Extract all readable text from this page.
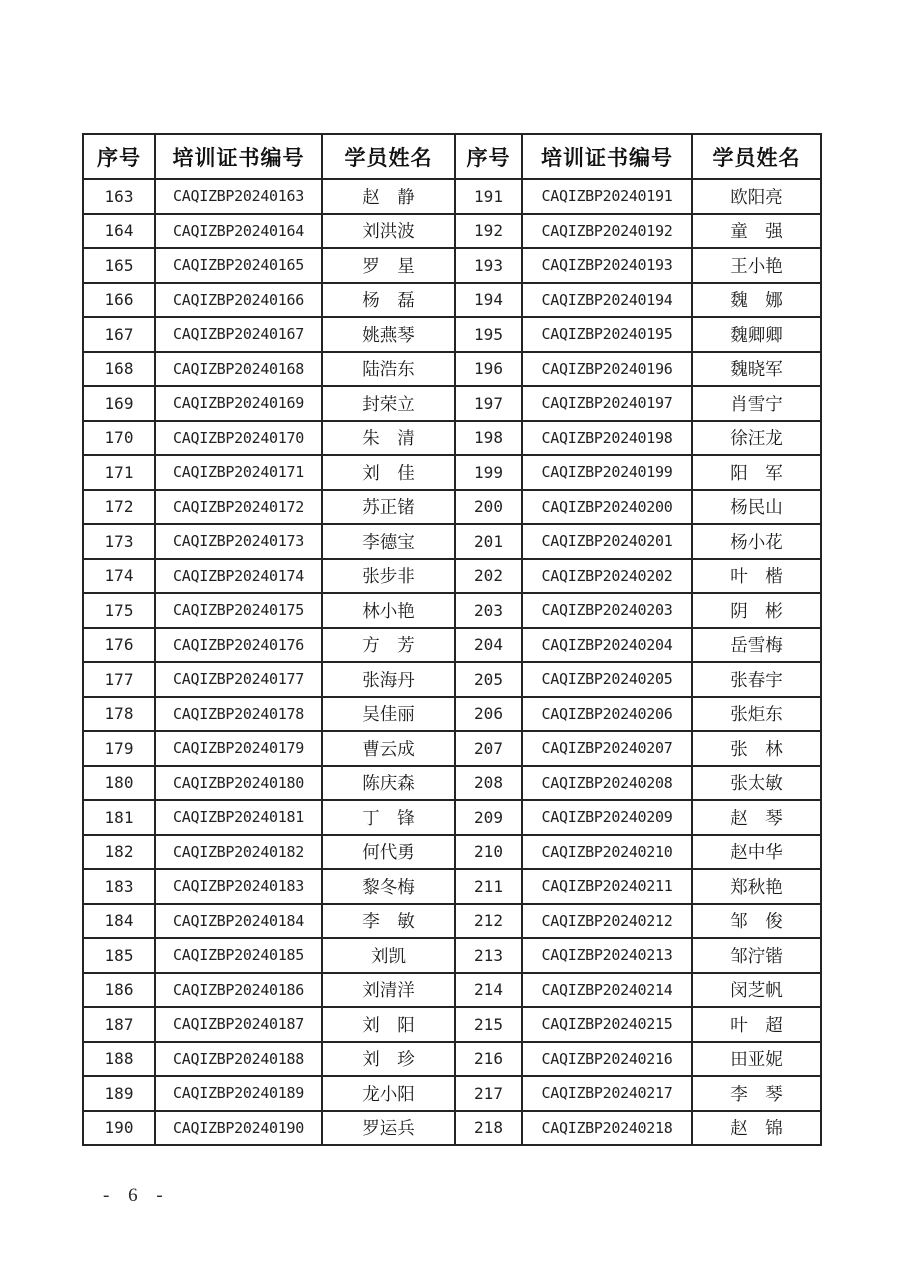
序号	培训证书编号	学员姓名	序号	培训证书编号	学员姓名
163	CAQIZBP20240163	赵　静	191	CAQIZBP20240191	欧阳亮
164	CAQIZBP20240164	刘洪波	192	CAQIZBP20240192	童　强
165	CAQIZBP20240165	罗　星	193	CAQIZBP20240193	王小艳
166	CAQIZBP20240166	杨　磊	194	CAQIZBP20240194	魏　娜
167	CAQIZBP20240167	姚燕琴	195	CAQIZBP20240195	魏卿卿
168	CAQIZBP20240168	陆浩东	196	CAQIZBP20240196	魏晓军
169	CAQIZBP20240169	封荣立	197	CAQIZBP20240197	肖雪宁
170	CAQIZBP20240170	朱　清	198	CAQIZBP20240198	徐汪龙
171	CAQIZBP20240171	刘　佳	199	CAQIZBP20240199	阳　军
172	CAQIZBP20240172	苏正锗	200	CAQIZBP20240200	杨民山
173	CAQIZBP20240173	李德宝	201	CAQIZBP20240201	杨小花
174	CAQIZBP20240174	张步非	202	CAQIZBP20240202	叶　楷
175	CAQIZBP20240175	林小艳	203	CAQIZBP20240203	阴　彬
176	CAQIZBP20240176	方　芳	204	CAQIZBP20240204	岳雪梅
177	CAQIZBP20240177	张海丹	205	CAQIZBP20240205	张春宇
178	CAQIZBP20240178	吴佳丽	206	CAQIZBP20240206	张炬东
179	CAQIZBP20240179	曹云成	207	CAQIZBP20240207	张　林
180	CAQIZBP20240180	陈庆森	208	CAQIZBP20240208	张太敏
181	CAQIZBP20240181	丁　锋	209	CAQIZBP20240209	赵　琴
182	CAQIZBP20240182	何代勇	210	CAQIZBP20240210	赵中华
183	CAQIZBP20240183	黎冬梅	211	CAQIZBP20240211	郑秋艳
184	CAQIZBP20240184	李　敏	212	CAQIZBP20240212	邹　俊
185	CAQIZBP20240185	刘凯	213	CAQIZBP20240213	邹泞锴
186	CAQIZBP20240186	刘清洋	214	CAQIZBP20240214	闵芝帆
187	CAQIZBP20240187	刘　阳	215	CAQIZBP20240215	叶　超
188	CAQIZBP20240188	刘　珍	216	CAQIZBP20240216	田亚妮
189	CAQIZBP20240189	龙小阳	217	CAQIZBP20240217	李　琴
190	CAQIZBP20240190	罗运兵	218	CAQIZBP20240218	赵　锦
- 6 -
